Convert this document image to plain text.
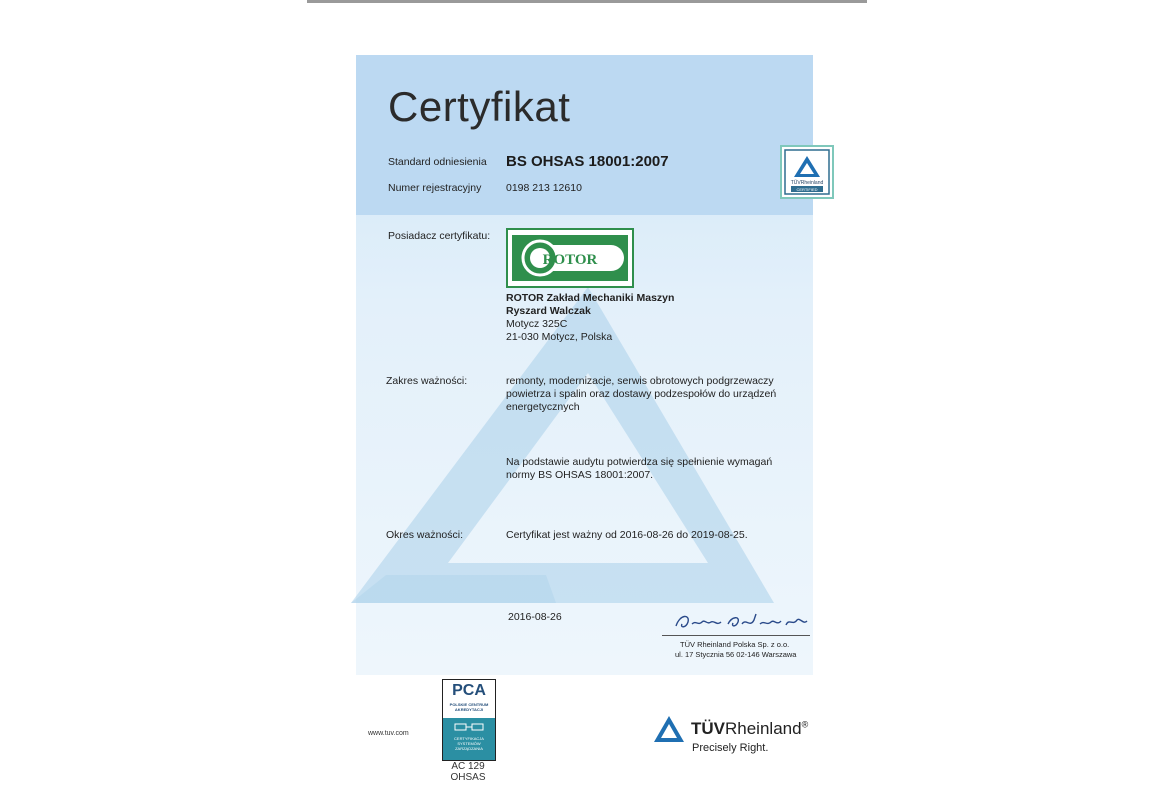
Certyfikat
Standard odniesienia BS OHSAS 18001:2007
Numer rejestracyjny 0198 213 12610	TÜVRheinland
CERTIFIED
Posiadacz certyfikatu:
ROTOR
ROTOR Zakład Mechaniki Maszyn
Ryszard Walczak
Motycz 325C
21-030 Motycz, Polska
Zakres ważności:	remonty, modernizacje, serwis obrotowych podgrzewaczy
powietrza i spalin oraz dostawy podzespołów do urządzeń
energetycznych
Na podstawie audytu potwierdza się spełnienie wymagań
normy BS OHSAS 18001:2007.
Okres ważności:	Certyfikat jest ważny od 2016-08-26 do 2019-08-25.
2016-08-26
TÜV Rheinland Polska Sp. z o.o.
ul. 17 Stycznia 56 02-146 Warszawa
www.tuv.com
PCA
POLSKIE CENTRUM
AKREDYTACJI
CERTYFIKACJA
SYSTEMÓW
ZARZĄDZANIA
AC 129
OHSAS
TÜVRheinland®
Precisely Right.
